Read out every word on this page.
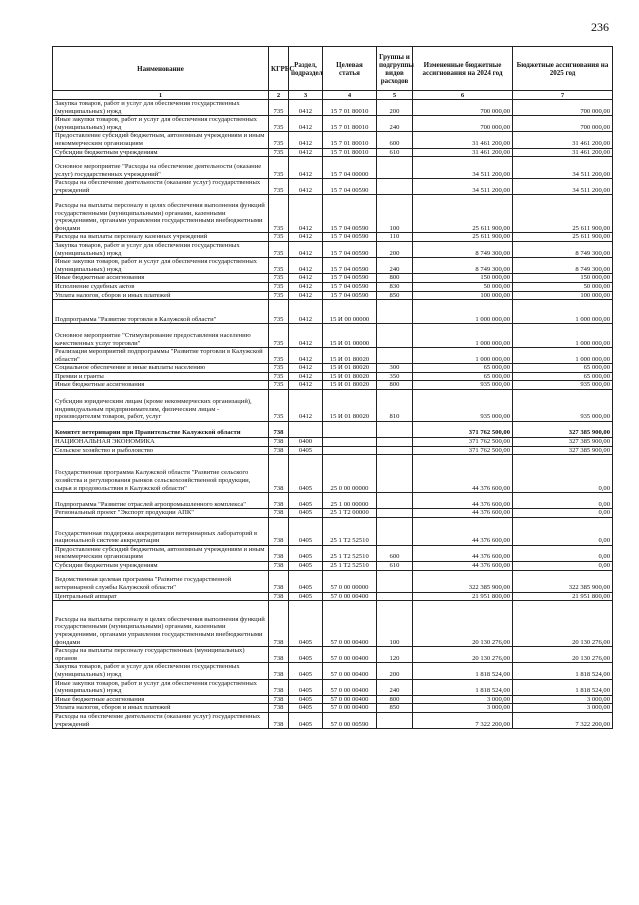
236
Наименование	КГРБС	Раздел, подраздел	Целевая статья	Группы и подгруппы видов расходов	Измененные бюджетные ассигнования на 2024 год	Бюджетные ассигнования на 2025 год
1	2	3	4	5	6	7
Закупка товаров, работ и услуг для обеспечения государственных (муниципальных) нужд	735	0412	15 7 01 80010	200	700 000,00	700 000,00
Иные закупки товаров, работ и услуг для обеспечения государственных (муниципальных) нужд	735	0412	15 7 01 80010	240	700 000,00	700 000,00
Предоставление субсидий бюджетным, автономным учреждениям и иным некоммерческим организациям	735	0412	15 7 01 80010	600	31 461 200,00	31 461 200,00
Субсидии бюджетным учреждениям	735	0412	15 7 01 80010	610	31 461 200,00	31 461 200,00
Основное мероприятие "Расходы на обеспечение деятельности (оказание услуг) государственных учреждений"	735	0412	15 7 04 00000		34 511 200,00	34 511 200,00
Расходы на обеспечение деятельности (оказание услуг) государственных учреждений	735	0412	15 7 04 00590		34 511 200,00	34 511 200,00
Расходы на выплаты персоналу в целях обеспечения выполнения функций государственными (муниципальными) органами, казенными учреждениями, органами управления государственными внебюджетными фондами	735	0412	15 7 04 00590	100	25 611 900,00	25 611 900,00
Расходы на выплаты персоналу казенных учреждений	735	0412	15 7 04 00590	110	25 611 900,00	25 611 900,00
Закупка товаров, работ и услуг для обеспечения государственных (муниципальных) нужд	735	0412	15 7 04 00590	200	8 749 300,00	8 749 300,00
Иные закупки товаров, работ и услуг для обеспечения государственных (муниципальных) нужд	735	0412	15 7 04 00590	240	8 749 300,00	8 749 300,00
Иные бюджетные ассигнования	735	0412	15 7 04 00590	800	150 000,00	150 000,00
Исполнение судебных актов	735	0412	15 7 04 00590	830	50 000,00	50 000,00
Уплата налогов, сборов и иных платежей	735	0412	15 7 04 00590	850	100 000,00	100 000,00
Подпрограмма "Развитие торговли в Калужской области"	735	0412	15 И 00 00000		1 000 000,00	1 000 000,00
Основное мероприятие "Стимулирование предоставления населению качественных услуг торговли"	735	0412	15 И 01 00000		1 000 000,00	1 000 000,00
Реализация мероприятий подпрограммы "Развитие торговли в Калужской области"	735	0412	15 И 01 80020		1 000 000,00	1 000 000,00
Социальное обеспечение и иные выплаты населению	735	0412	15 И 01 80020	300	65 000,00	65 000,00
Премии и гранты	735	0412	15 И 01 80020	350	65 000,00	65 000,00
Иные бюджетные ассигнования	735	0412	15 И 01 80020	800	935 000,00	935 000,00
Субсидии юридическим лицам (кроме некоммерческих организаций), индивидуальным предпринимателям, физическим лицам - производителям товаров, работ, услуг	735	0412	15 И 01 80020	810	935 000,00	935 000,00
Комитет ветеринарии при Правительстве Калужской области	738				371 762 500,00	327 385 900,00
НАЦИОНАЛЬНАЯ ЭКОНОМИКА	738	0400			371 762 500,00	327 385 900,00
Сельское хозяйство и рыболовство	738	0405			371 762 500,00	327 385 900,00
Государственная программа Калужской области "Развитие сельского хозяйства и регулирования рынков сельскохозяйственной продукции, сырья и продовольствия в Калужской области"	738	0405	25 0 00 00000		44 376 600,00	0,00
Подпрограмма "Развитие отраслей агропромышленного комплекса"	738	0405	25 1 00 00000		44 376 600,00	0,00
Региональный проект "Экспорт продукции АПК"	738	0405	25 1 T2 00000		44 376 600,00	0,00
Государственная поддержка аккредитации ветеринарных лабораторий в национальной системе аккредитации	738	0405	25 1 T2 52510		44 376 600,00	0,00
Предоставление субсидий бюджетным, автономным учреждениям и иным некоммерческим организациям	738	0405	25 1 T2 52510	600	44 376 600,00	0,00
Субсидии бюджетным учреждениям	738	0405	25 1 T2 52510	610	44 376 600,00	0,00
Ведомственная целевая программа "Развитие государственной ветеринарной службы Калужской области"	738	0405	57 0 00 00000		322 385 900,00	322 385 900,00
Центральный аппарат	738	0405	57 0 00 00400		21 951 800,00	21 951 800,00
Расходы на выплаты персоналу в целях обеспечения выполнения функций государственными (муниципальными) органами, казенными учреждениями, органами управления государственными внебюджетными фондами	738	0405	57 0 00 00400	100	20 130 276,00	20 130 276,00
Расходы на выплаты персоналу государственных (муниципальных) органов	738	0405	57 0 00 00400	120	20 130 276,00	20 130 276,00
Закупка товаров, работ и услуг для обеспечения государственных (муниципальных) нужд	738	0405	57 0 00 00400	200	1 818 524,00	1 818 524,00
Иные закупки товаров, работ и услуг для обеспечения государственных (муниципальных) нужд	738	0405	57 0 00 00400	240	1 818 524,00	1 818 524,00
Иные бюджетные ассигнования	738	0405	57 0 00 00400	800	3 000,00	3 000,00
Уплата налогов, сборов и иных платежей	738	0405	57 0 00 00400	850	3 000,00	3 000,00
Расходы на обеспечение деятельности (оказание услуг) государственных учреждений	738	0405	57 0 00 00590		7 322 200,00	7 322 200,00
